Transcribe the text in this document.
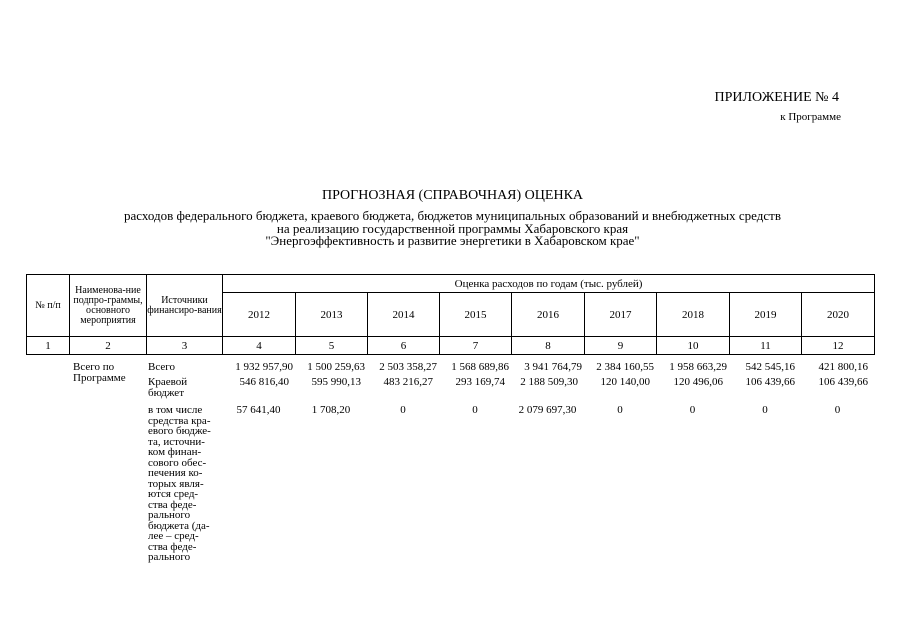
ПРИЛОЖЕНИЕ № 4
к Программе
ПРОГНОЗНАЯ (СПРАВОЧНАЯ) ОЦЕНКА
расходов федерального бюджета, краевого бюджета, бюджетов муниципальных образований и внебюджетных средств
на реализацию государственной программы Хабаровского края
"Энергоэффективность и развитие энергетики в Хабаровском крае"
№ п/п	Наименова-ние подпро-граммы, основного мероприятия	Источники финансиро-вания	Оценка расходов по годам (тыс. рублей)								
			2012	2013	2014	2015	2016	2017	2018	2019	2020
1	2	3	4	5	6	7	8	9	10	11	12
	Всего по Программе	Всего	1 932 957,90	1 500 259,63	2 503 358,27	1 568 689,86	3 941 764,79	2 384 160,55	1 958 663,29	542 545,16	421 800,16
		Краевой бюджет	546 816,40	595 990,13	483 216,27	293 169,74	2 188 509,30	120 140,00	120 496,06	106 439,66	106 439,66
		в том числе средства кра-евого бюдже-та, источни-ком финан-сового обес-печения ко-торых явля-ются сред-ства феде-рального бюджета (да-лее – сред-ства феде-рального	57 641,40	1 708,20	0	0	2 079 697,30	0	0	0	0
